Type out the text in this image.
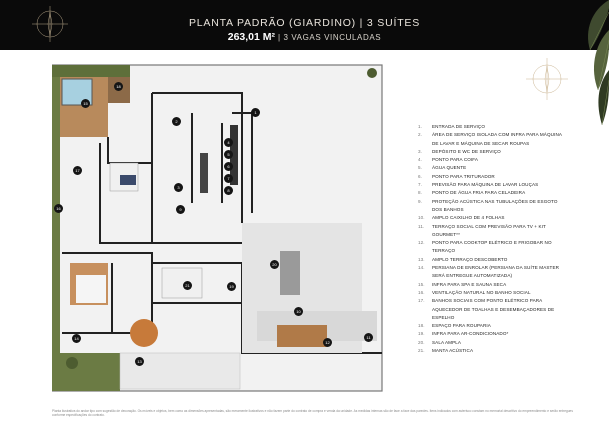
PLANTA PADRÃO (GIARDINO) | 3 SUÍTES
263,01 M² | 3 VAGAS VINCULADAS
1
2
3
4
5
6
7
8
9
10
11
12
13
14
15
16
17
18
19
20
21
1. ENTRADA DE SERVIÇO
2. ÁREA DE SERVIÇO ISOLADA COM INFRA PARA MÁQUINA
DE LAVAR E MÁQUINA DE SECAR ROUPAS
3. DEPÓSITO E WC DE SERVIÇO
4. PONTO PARA COIFA
5. ÁGUA QUENTE
6. PONTO PARA TRITURADOR
7. PREVISÃO PARA MÁQUINA DE LAVAR LOUÇAS
8. PONTO DE ÁGUA FRIA PARA CELADEIRA
9. PROTEÇÃO ACÚSTICA NAS TUBULAÇÕES DE ESGOTO
DOS BANHOS
10. AMPLO CAIXILHO DE 4 FOLHAS
11. TERRAÇO SOCIAL COM PREVISÃO PARA TV + KIT
GOURMET**
12. PONTO PARA COOKTOP ELÉTRICO E FRIGOBAR NO
TERRAÇO
13. AMPLO TERRAÇO DESCOBERTO
14. PERSIANA DE ENROLAR (PERSIANA DA SUÍTE MASTER
SERÁ ENTREGUE AUTOMATIZADA)
15. INFRA PARA SPA E SAUNA SECA
16. VENTILAÇÃO NATURAL NO BANHO SOCIAL
17. BANHOS SOCIAIS COM PONTO ELÉTRICO PARA
AQUECEDOR DE TOALHAS E DESEMBAÇADORES DE
ESPELHO
18. ESPAÇO PARA ROUPARIA
19. INFRA PARA AR-CONDICIONADO*
20. SALA AMPLA
21. MANTA ACÚSTICA
Planta ilustrativa do andar tipo com sugestão de decoração. Os móveis e objetos, bem como as dimensões apresentadas, são meramente ilustrativos e não fazem parte do contrato de compra e venda da unidade. As medidas internas são de face a face das paredes. Itens indicados com asterisco constam no memorial descritivo do empreendimento e serão entregues conforme especificações do contrato.
